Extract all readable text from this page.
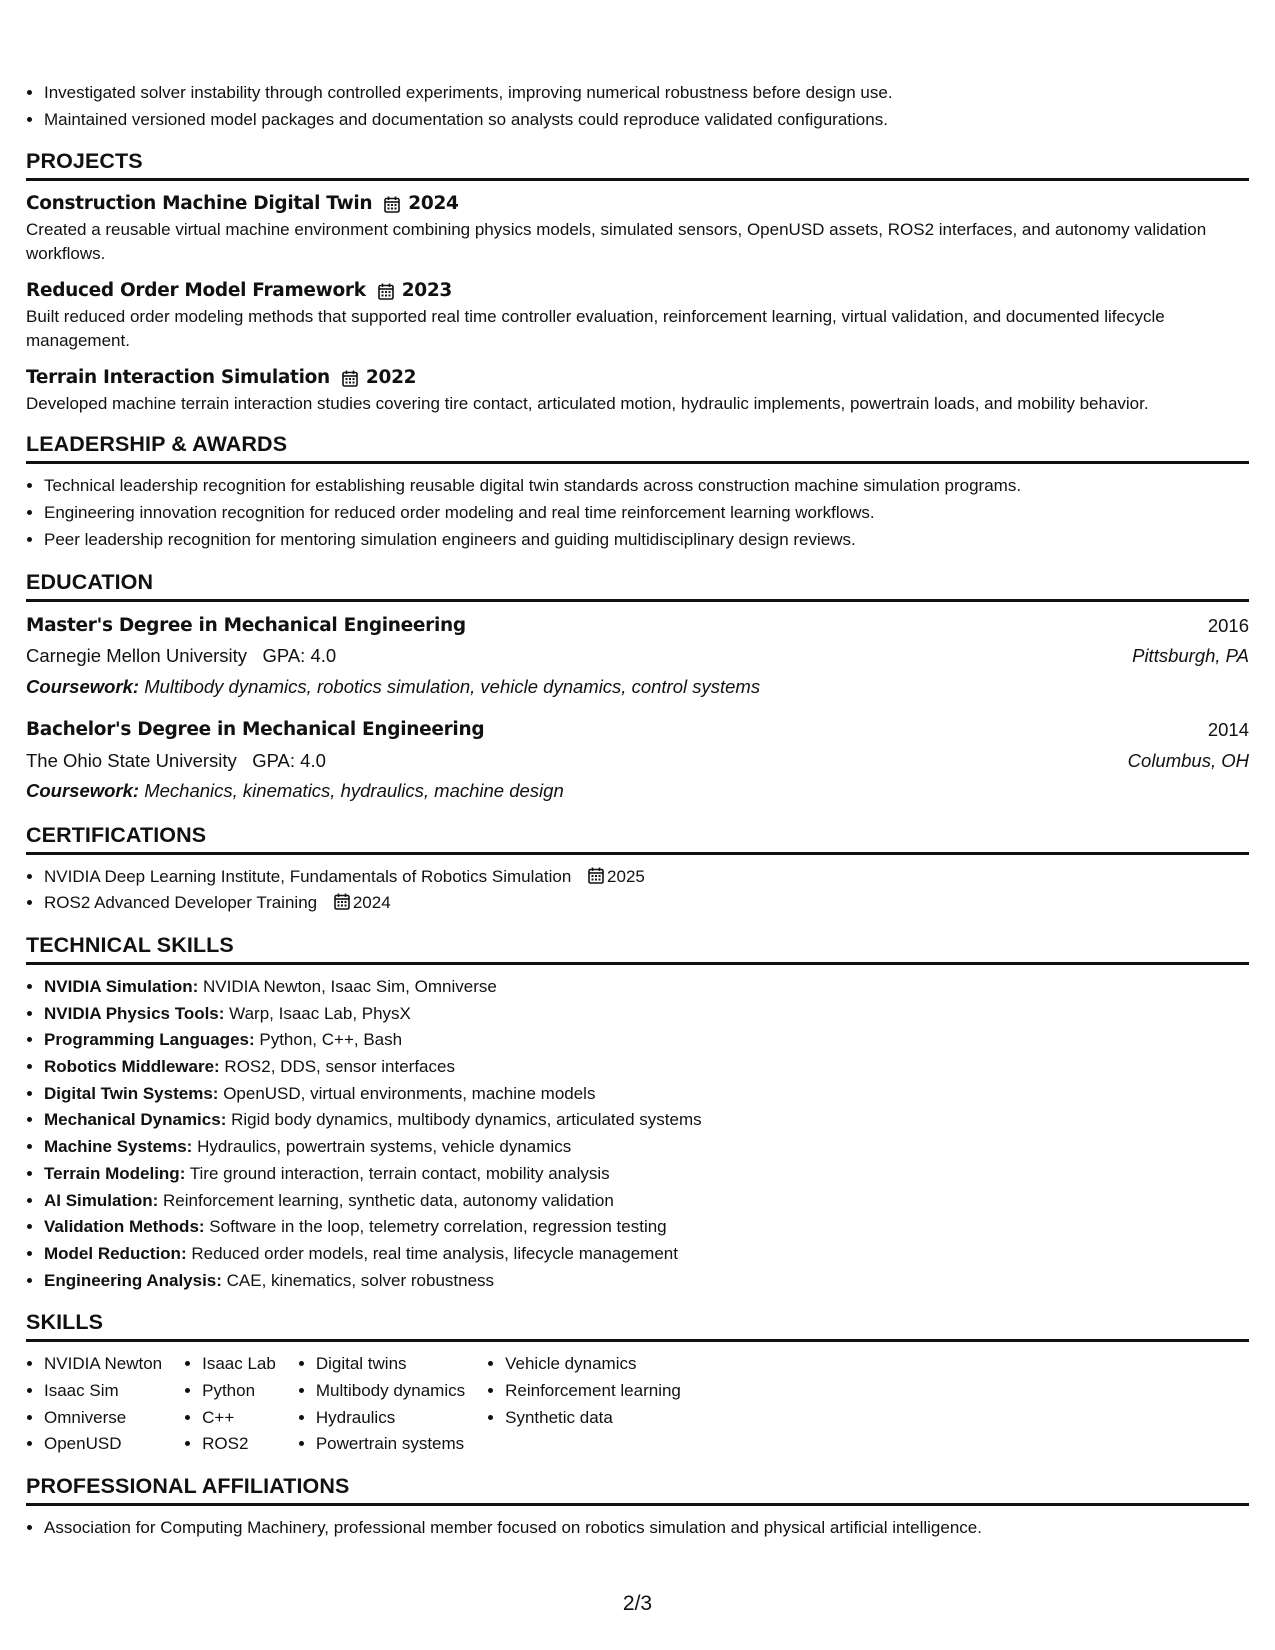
• Investigated solver instability through controlled experiments, improving numerical robustness before design use.
• Maintained versioned model packages and documentation so analysts could reproduce validated configurations.
PROJECTS
Construction Machine Digital Twin 2024
Created a reusable virtual machine environment combining physics models, simulated sensors, OpenUSD assets, ROS2 interfaces, and autonomy validation workflows.
Reduced Order Model Framework 2023
Built reduced order modeling methods that supported real time controller evaluation, reinforcement learning, virtual validation, and documented lifecycle management.
Terrain Interaction Simulation 2022
Developed machine terrain interaction studies covering tire contact, articulated motion, hydraulic implements, powertrain loads, and mobility behavior.
LEADERSHIP & AWARDS
• Technical leadership recognition for establishing reusable digital twin standards across construction machine simulation programs.
• Engineering innovation recognition for reduced order modeling and real time reinforcement learning workflows.
• Peer leadership recognition for mentoring simulation engineers and guiding multidisciplinary design reviews.
EDUCATION
Master's Degree in Mechanical Engineering	2016
Carnegie Mellon University GPA: 4.0	Pittsburgh, PA
Coursework: Multibody dynamics, robotics simulation, vehicle dynamics, control systems
Bachelor's Degree in Mechanical Engineering	2014
The Ohio State University GPA: 4.0	Columbus, OH
Coursework: Mechanics, kinematics, hydraulics, machine design
CERTIFICATIONS
• NVIDIA Deep Learning Institute, Fundamentals of Robotics Simulation 2025
• ROS2 Advanced Developer Training 2024
TECHNICAL SKILLS
• NVIDIA Simulation: NVIDIA Newton, Isaac Sim, Omniverse
• NVIDIA Physics Tools: Warp, Isaac Lab, PhysX
• Programming Languages: Python, C++, Bash
• Robotics Middleware: ROS2, DDS, sensor interfaces
• Digital Twin Systems: OpenUSD, virtual environments, machine models
• Mechanical Dynamics: Rigid body dynamics, multibody dynamics, articulated systems
• Machine Systems: Hydraulics, powertrain systems, vehicle dynamics
• Terrain Modeling: Tire ground interaction, terrain contact, mobility analysis
• AI Simulation: Reinforcement learning, synthetic data, autonomy validation
• Validation Methods: Software in the loop, telemetry correlation, regression testing
• Model Reduction: Reduced order models, real time analysis, lifecycle management
• Engineering Analysis: CAE, kinematics, solver robustness
SKILLS
• NVIDIA Newton
• Isaac Sim
• Omniverse
• OpenUSD
• Isaac Lab
• Python
• C++
• ROS2
• Digital twins
• Multibody dynamics
• Hydraulics
• Powertrain systems
• Vehicle dynamics
• Reinforcement learning
• Synthetic data
PROFESSIONAL AFFILIATIONS
• Association for Computing Machinery, professional member focused on robotics simulation and physical artificial intelligence.
2/3
